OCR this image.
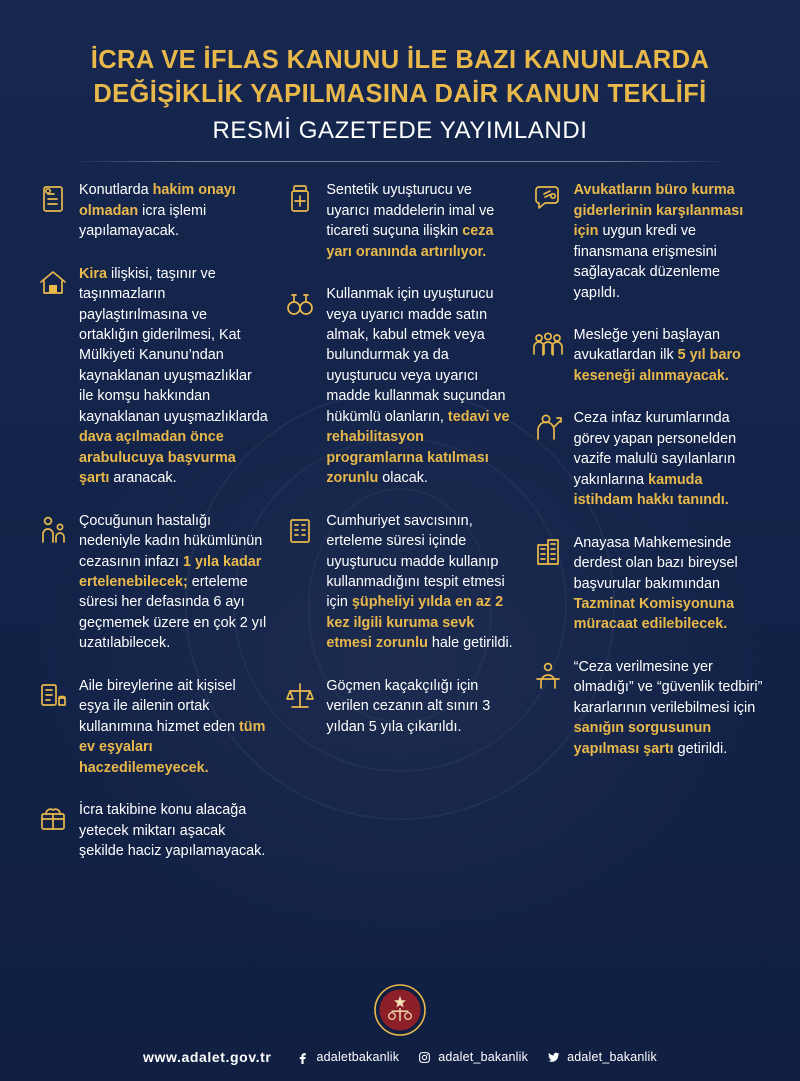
İCRA VE İFLAS KANUNU İLE BAZI KANUNLARDA
DEĞİŞİKLİK YAPILMASINA DAİR KANUN TEKLİFİ
RESMİ GAZETEDE YAYIMLANDI
Konutlarda hakim onayı olmadan icra işlemi yapılamayacak.
Kira ilişkisi, taşınır ve taşınmazların paylaştırılmasına ve ortaklığın giderilmesi, Kat Mülkiyeti Kanunu’ndan kaynaklanan uyuşmazlıklar ile komşu hakkından kaynaklanan uyuşmazlıklarda dava açılmadan önce arabulucuya başvurma şartı aranacak.
Çocuğunun hastalığı nedeniyle kadın hükümlünün cezasının infazı 1 yıla kadar ertelenebilecek; ertelemе süresi her defasında 6 ayı geçmemek üzere en çok 2 yıl uzatılabilecek.
Aile bireylerine ait kişisel eşya ile ailenin ortak kullanımına hizmet eden tüm ev eşyaları haczedilemeyecek.
İcra takibine konu alacağa yetecek miktarı aşacak şekilde haciz yapılamayacak.
Sentetik uyuşturucu ve uyarıcı maddelerin imal ve ticareti suçuna ilişkin ceza yarı oranında artırılıyor.
Kullanmak için uyuşturucu veya uyarıcı madde satın almak, kabul etmek veya bulundurmak ya da uyuşturucu veya uyarıcı madde kullanmak suçundan hükümlü olanların, tedavi ve rehabilitasyon programlarına katılması zorunlu olacak.
Cumhuriyet savcısının, erteleme süresi içinde uyuşturucu madde kullanıp kullanmadığını tespit etmesi için şüpheliyi yılda en az 2 kez ilgili kuruma sevk etmesi zorunlu hale getirildi.
Göçmen kaçakçılığı için verilen cezanın alt sınırı 3 yıldan 5 yıla çıkarıldı.
Avukatların büro kurma giderlerinin karşılanması için uygun kredi ve finansmana erişmesini sağlayacak düzenleme yapıldı.
Mesleğe yeni başlayan avukatlardan ilk 5 yıl baro keseneği alınmayacak.
Ceza infaz kurumlarında görev yapan personelden vazife malulü sayılanların yakınlarına kamuda istihdam hakkı tanındı.
Anayasa Mahkemesinde derdest olan bazı bireysel başvurular bakımından Tazminat Komisyonuna müracaat edilebilecek.
“Ceza verilmesine yer olmadığı” ve “güvenlik tedbiri” kararlarının verilebilmesi için sanığın sorgusunun yapılması şartı getirildi.
www.adalet.gov.tr	adaletbakanlik	adalet_bakanlik	adalet_bakanlik
